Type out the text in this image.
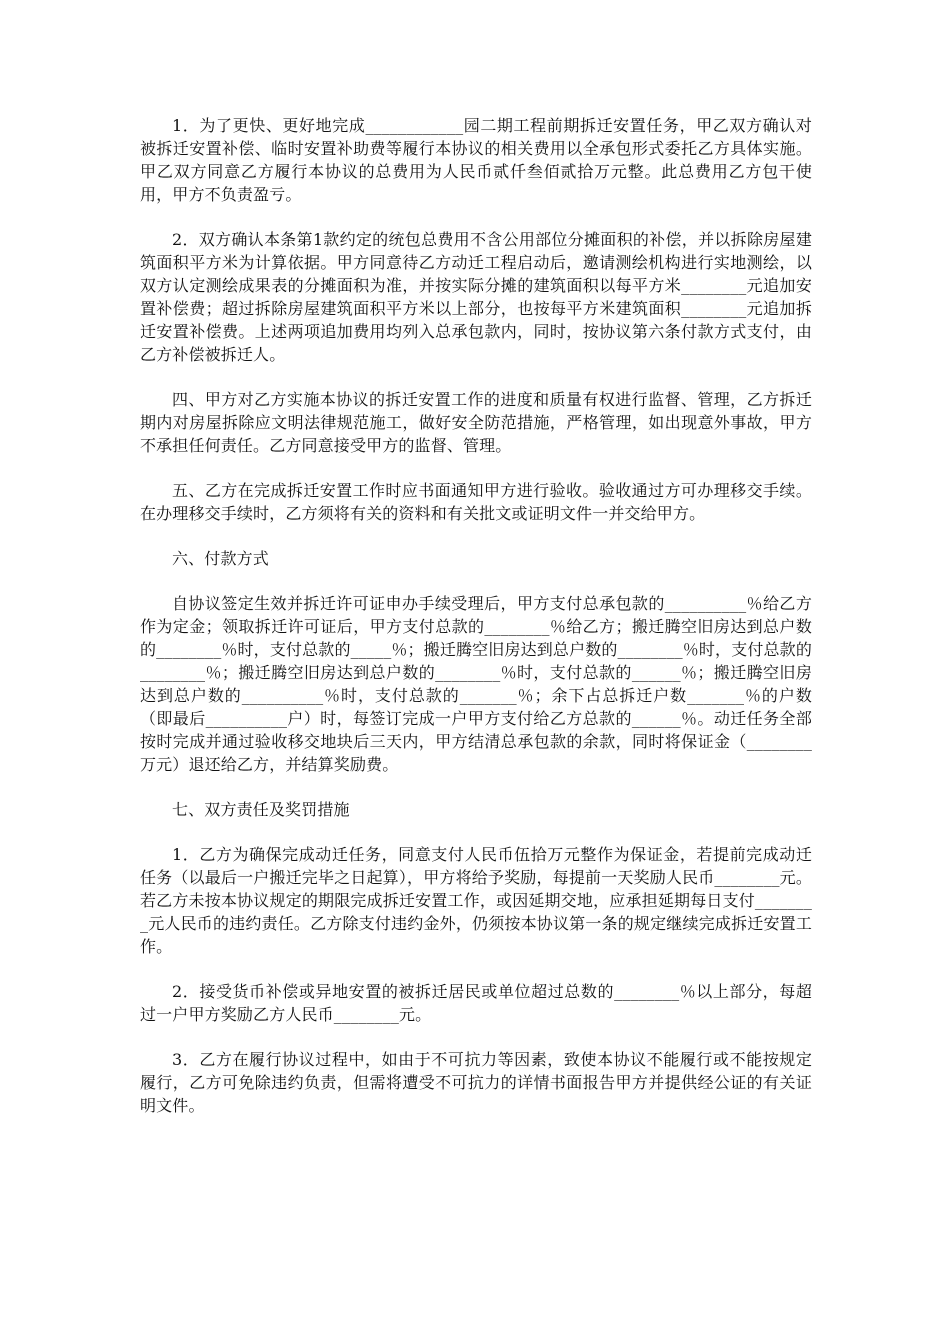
1．为了更快、更好地完成____________园二期工程前期拆迁安置任务，甲乙双方确认对被拆迁安置补偿、临时安置补助费等履行本协议的相关费用以全承包形式委托乙方具体实施。甲乙双方同意乙方履行本协议的总费用为人民币贰仟叁佰贰拾万元整。此总费用乙方包干使用，甲方不负责盈亏。

2．双方确认本条第1款约定的统包总费用不含公用部位分摊面积的补偿，并以拆除房屋建筑面积平方米为计算依据。甲方同意待乙方动迁工程启动后，邀请测绘机构进行实地测绘，以双方认定测绘成果表的分摊面积为准，并按实际分摊的建筑面积以每平方米________元追加安置补偿费；超过拆除房屋建筑面积平方米以上部分，也按每平方米建筑面积________元追加拆迁安置补偿费。上述两项追加费用均列入总承包款内，同时，按协议第六条付款方式支付，由乙方补偿被拆迁人。

四、甲方对乙方实施本协议的拆迁安置工作的进度和质量有权进行监督、管理，乙方拆迁期内对房屋拆除应文明法律规范施工，做好安全防范措施，严格管理，如出现意外事故，甲方不承担任何责任。乙方同意接受甲方的监督、管理。

五、乙方在完成拆迁安置工作时应书面通知甲方进行验收。验收通过方可办理移交手续。在办理移交手续时，乙方须将有关的资料和有关批文或证明文件一并交给甲方。

六、付款方式

自协议签定生效并拆迁许可证申办手续受理后，甲方支付总承包款的__________％给乙方作为定金；领取拆迁许可证后，甲方支付总款的________％给乙方；搬迁腾空旧房达到总户数的________％时，支付总款的_____％；搬迁腾空旧房达到总户数的________％时，支付总款的________％；搬迁腾空旧房达到总户数的________％时，支付总款的______％；搬迁腾空旧房达到总户数的__________％时，支付总款的_______％；余下占总拆迁户数_______％的户数（即最后__________户）时，每签订完成一户甲方支付给乙方总款的______％。动迁任务全部按时完成并通过验收移交地块后三天内，甲方结清总承包款的余款，同时将保证金（________万元）退还给乙方，并结算奖励费。

七、双方责任及奖罚措施

1．乙方为确保完成动迁任务，同意支付人民币伍拾万元整作为保证金，若提前完成动迁任务（以最后一户搬迁完毕之日起算），甲方将给予奖励，每提前一天奖励人民币________元。若乙方未按本协议规定的期限完成拆迁安置工作，或因延期交地，应承担延期每日支付________元人民币的违约责任。乙方除支付违约金外，仍须按本协议第一条的规定继续完成拆迁安置工作。

2．接受货币补偿或异地安置的被拆迁居民或单位超过总数的________％以上部分，每超过一户甲方奖励乙方人民币________元。

3．乙方在履行协议过程中，如由于不可抗力等因素，致使本协议不能履行或不能按规定履行，乙方可免除违约负责，但需将遭受不可抗力的详情书面报告甲方并提供经公证的有关证明文件。
